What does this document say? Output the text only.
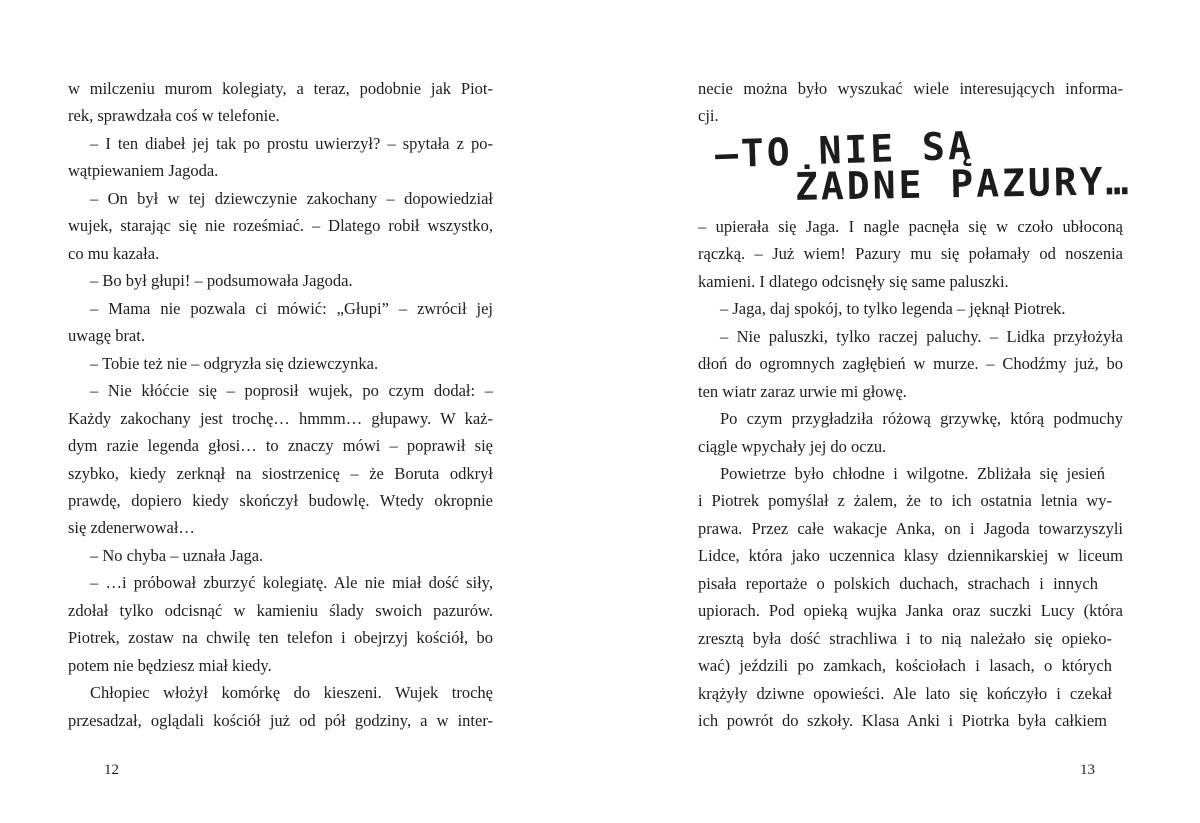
w milczeniu murom kolegiaty, a teraz, podobnie jak Piot-

rek, sprawdzała coś w telefonie.

– I ten diabeł jej tak po prostu uwierzył? – spytała z po-

wątpiewaniem Jagoda.

– On był w tej dziewczynie zakochany – dopowiedział

wujek, starając się nie roześmiać. – Dlatego robił wszystko,

co mu kazała.

– Bo był głupi! – podsumowała Jagoda.

– Mama nie pozwala ci mówić: „Głupi” – zwrócił jej

uwagę brat.

– Tobie też nie – odgryzła się dziewczynka.

– Nie kłóćcie się – poprosił wujek, po czym dodał: –

Każdy zakochany jest trochę… hmmm… głupawy. W każ-

dym razie legenda głosi… to znaczy mówi – poprawił się

szybko, kiedy zerknął na siostrzenicę – że Boruta odkrył

prawdę, dopiero kiedy skończył budowlę. Wtedy okropnie

się zdenerwował…

– No chyba – uznała Jaga.

– …i próbował zburzyć kolegiatę. Ale nie miał dość siły,

zdołał tylko odcisnąć w kamieniu ślady swoich pazurów.

Piotrek, zostaw na chwilę ten telefon i obejrzyj kościół, bo

potem nie będziesz miał kiedy.

Chłopiec włożył komórkę do kieszeni. Wujek trochę

przesadzał, oglądali kościół już od pół godziny, a w inter-

12

necie można było wyszukać wiele interesujących informa-

cji.

–TO NIE SĄ

ŻADNE PAZURY…

– upierała się Jaga. I nagle pacnęła się w czoło ubłoconą

rączką. – Już wiem! Pazury mu się połamały od noszenia

kamieni. I dlatego odcisnęły się same paluszki.

– Jaga, daj spokój, to tylko legenda – jęknął Piotrek.

– Nie paluszki, tylko raczej paluchy. – Lidka przyłożyła

dłoń do ogromnych zagłębień w murze. – Chodźmy już, bo

ten wiatr zaraz urwie mi głowę.

Po czym przygładziła różową grzywkę, którą podmuchy

ciągle wpychały jej do oczu.

Powietrze było chłodne i wilgotne. Zbliżała się jesień

i Piotrek pomyślał z żalem, że to ich ostatnia letnia wy-

prawa. Przez całe wakacje Anka, on i Jagoda towarzyszyli

Lidce, która jako uczennica klasy dziennikarskiej w liceum

pisała reportaże o polskich duchach, strachach i innych

upiorach. Pod opieką wujka Janka oraz suczki Lucy (która

zresztą była dość strachliwa i to nią należało się opieko-

wać) jeździli po zamkach, kościołach i lasach, o których

krążyły dziwne opowieści. Ale lato się kończyło i czekał

ich powrót do szkoły. Klasa Anki i Piotrka była całkiem

13
